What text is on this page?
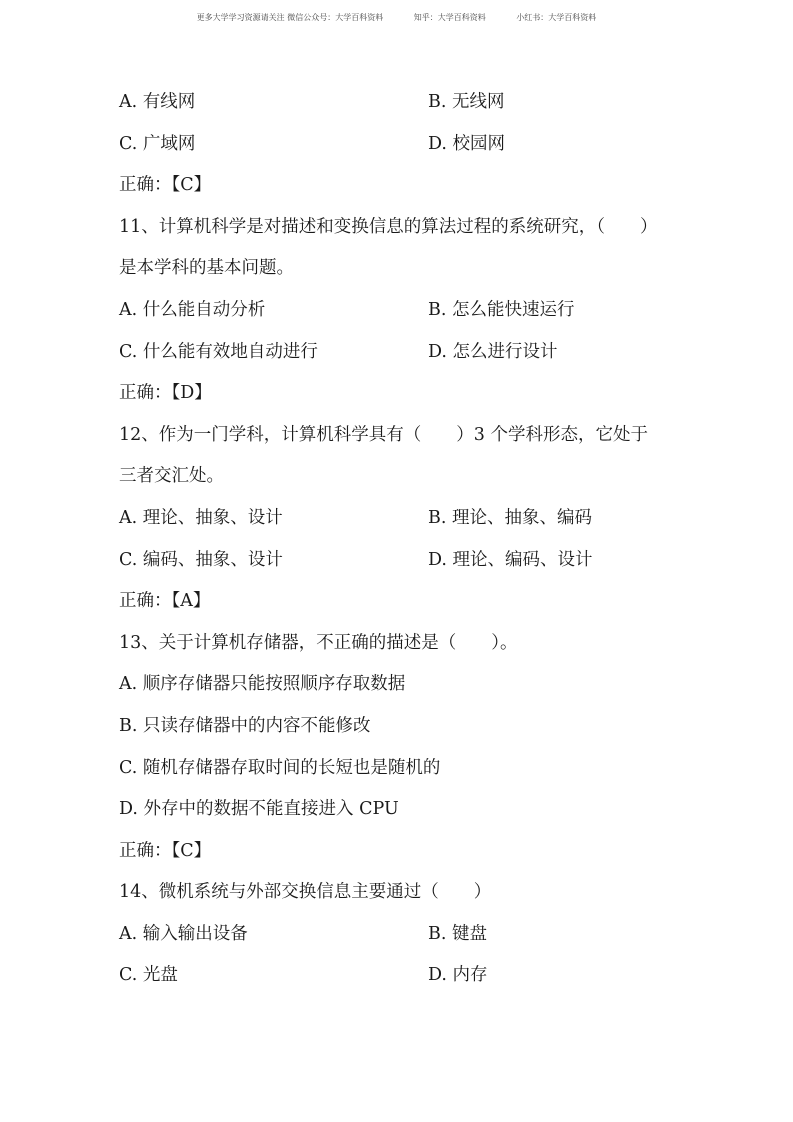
更多大学学习资源请关注 微信公众号：大学百科资料	知乎：大学百科资料	小红书：大学百科资料
A. 有线网	B. 无线网
C. 广域网	D. 校园网
正确：【C】
11、计算机科学是对描述和变换信息的算法过程的系统研究，（　　）
是本学科的基本问题。
A. 什么能自动分析	B. 怎么能快速运行
C. 什么能有效地自动进行	D. 怎么进行设计
正确：【D】
12、作为一门学科，计算机科学具有（　　）3 个学科形态，它处于
三者交汇处。
A. 理论、抽象、设计	B. 理论、抽象、编码
C. 编码、抽象、设计	D. 理论、编码、设计
正确：【A】
13、关于计算机存储器，不正确的描述是（　　）。
A. 顺序存储器只能按照顺序存取数据
B. 只读存储器中的内容不能修改
C. 随机存储器存取时间的长短也是随机的
D. 外存中的数据不能直接进入 CPU
正确：【C】
14、微机系统与外部交换信息主要通过（　　）
A. 输入输出设备	B. 键盘
C. 光盘	D. 内存
